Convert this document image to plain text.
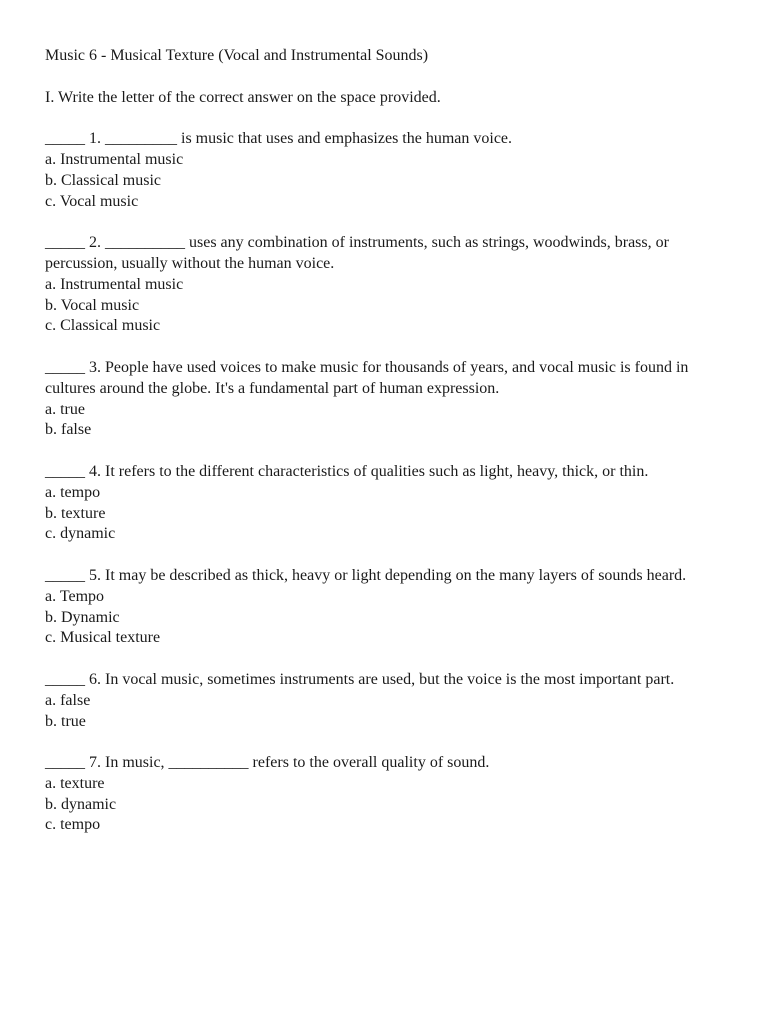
Music 6 - Musical Texture (Vocal and Instrumental Sounds)

I. Write the letter of the correct answer on the space provided.

_____ 1. _________ is music that uses and emphasizes the human voice.

a. Instrumental music

b. Classical music

c. Vocal music

_____ 2. __________ uses any combination of instruments, such as strings, woodwinds, brass, or percussion, usually without the human voice.

a. Instrumental music

b. Vocal music

c. Classical music

_____ 3. People have used voices to make music for thousands of years, and vocal music is found in cultures around the globe. It's a fundamental part of human expression.

a. true

b. false

_____ 4. It refers to the different characteristics of qualities such as light, heavy, thick, or thin.

a. tempo

b. texture

c. dynamic

_____ 5. It may be described as thick, heavy or light depending on the many layers of sounds heard.

a. Tempo

b. Dynamic

c. Musical texture

_____ 6. In vocal music, sometimes instruments are used, but the voice is the most important part.

a. false

b. true

_____ 7. In music, __________ refers to the overall quality of sound.

a. texture

b. dynamic

c. tempo
